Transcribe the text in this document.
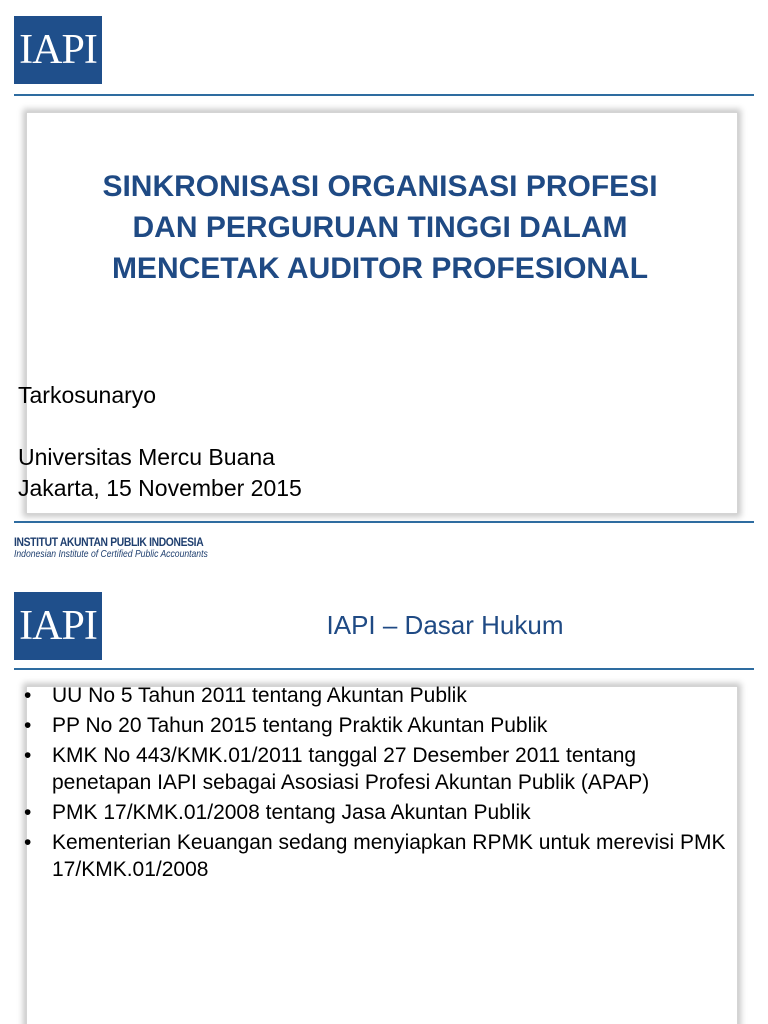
IAPI
SINKRONISASI ORGANISASI PROFESI
DAN PERGURUAN TINGGI DALAM
MENCETAK AUDITOR PROFESIONAL
Tarkosunaryo
Universitas Mercu Buana
Jakarta, 15 November 2015
INSTITUT AKUNTAN PUBLIK INDONESIA
Indonesian Institute of Certified Public Accountants
IAPI	IAPI – Dasar Hukum
• UU No 5 Tahun 2011 tentang Akuntan Publik
• PP No 20 Tahun 2015 tentang Praktik Akuntan Publik
• KMK No 443/KMK.01/2011 tanggal 27 Desember 2011 tentang penetapan IAPI sebagai Asosiasi Profesi Akuntan Publik (APAP)
• PMK 17/KMK.01/2008 tentang Jasa Akuntan Publik
• Kementerian Keuangan sedang menyiapkan RPMK untuk merevisi PMK 17/KMK.01/2008
